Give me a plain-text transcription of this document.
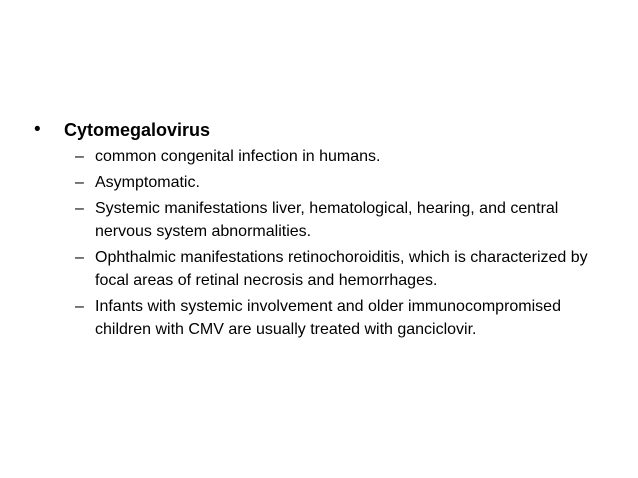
•	Cytomegalovirus
– common congenital infection in humans.
– Asymptomatic.
– Systemic manifestations liver, hematological, hearing, and central nervous system abnormalities.
– Ophthalmic manifestations retinochoroiditis, which is characterized by focal areas of retinal necrosis and hemorrhages.
– Infants with systemic involvement and older immunocompromised children with CMV are usually treated with ganciclovir.
